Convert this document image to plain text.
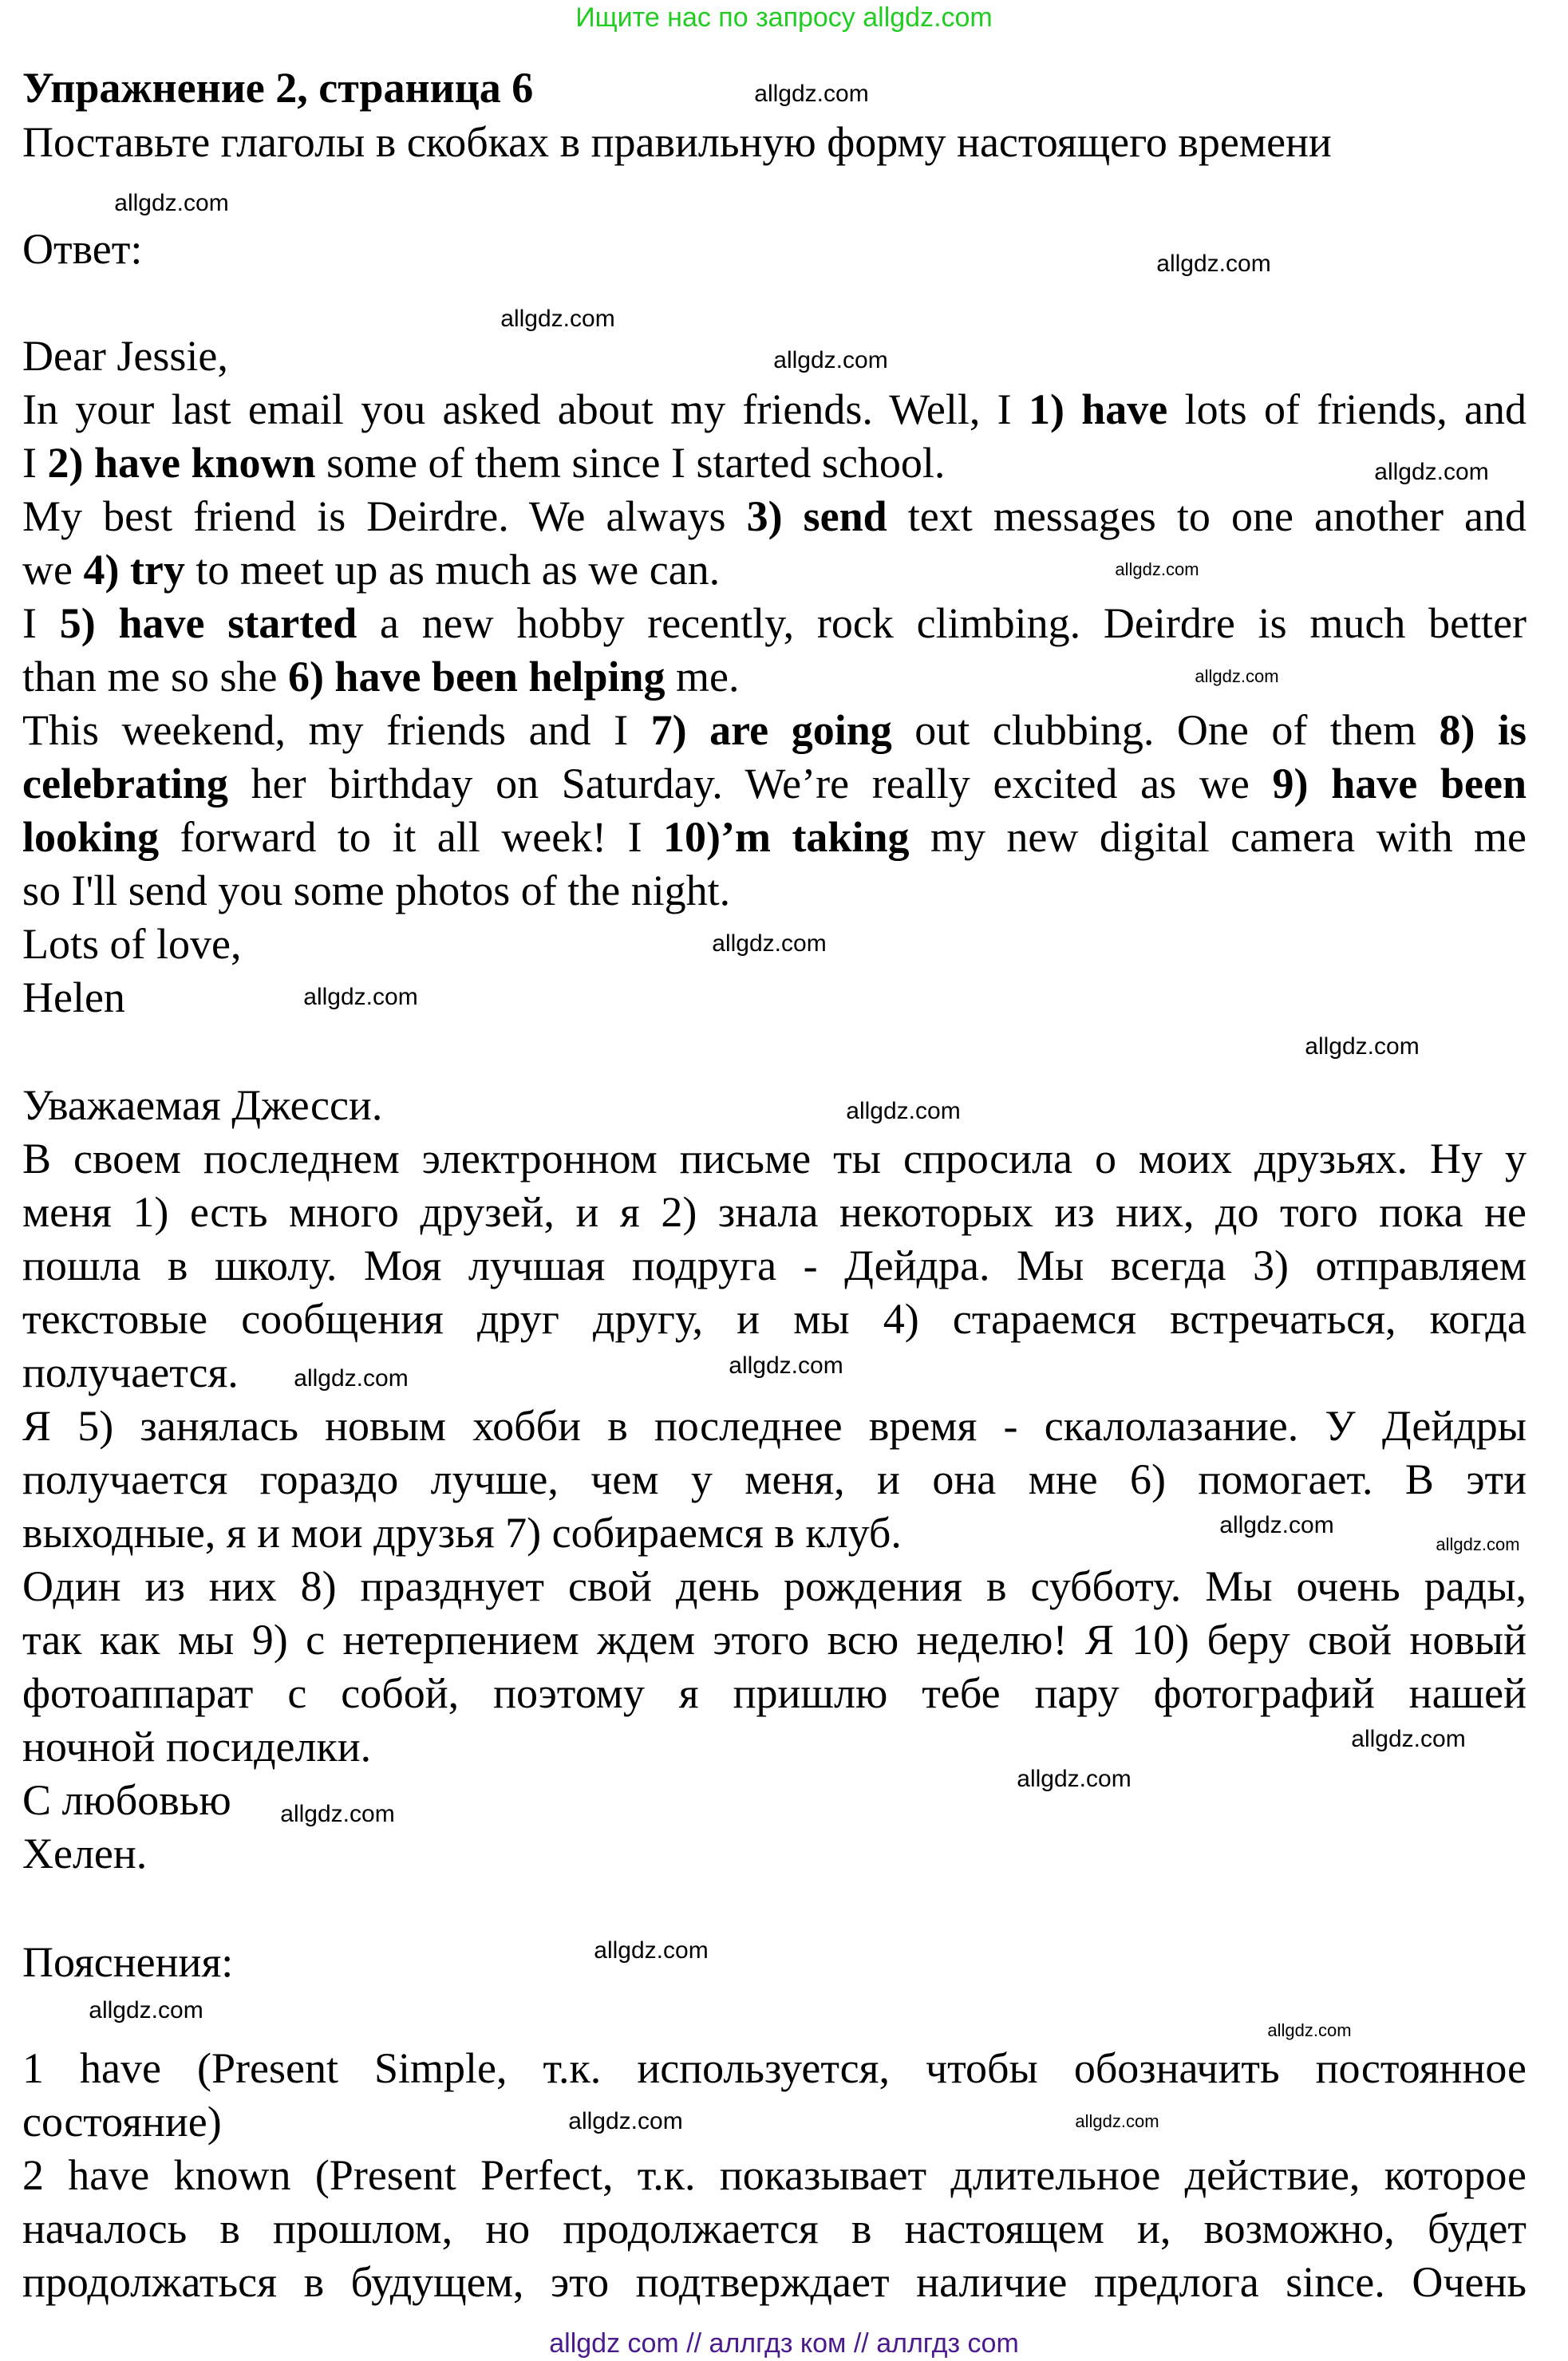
Ищите нас по запросу allgdz.com
Упражнение 2, страница 6
Поставьте глаголы в скобках в правильную форму настоящего времени
Ответ:
Dear Jessie,
In your last email you asked about my friends. Well, I 1) have lots of friends, and
I 2) have known some of them since I started school.
My best friend is Deirdre. We always 3) send text messages to one another and
we 4) try to meet up as much as we can.
I 5) have started a new hobby recently, rock climbing. Deirdre is much better
than me so she 6) have been helping me.
This weekend, my friends and I 7) are going out clubbing. One of them 8) is
celebrating her birthday on Saturday. We’re really excited as we 9) have been
looking forward to it all week! I 10)’m taking my new digital camera with me
so I'll send you some photos of the night.
Lots of love,
Helen
Уважаемая Джесси.
В своем последнем электронном письме ты спросила о моих друзьях. Ну у
меня 1) есть много друзей, и я 2) знала некоторых из них, до того пока не
пошла в школу. Моя лучшая подруга - Дейдра. Мы всегда 3) отправляем
текстовые сообщения друг другу, и мы 4) стараемся встречаться, когда
получается.
Я 5) занялась новым хобби в последнее время - скалолазание. У Дейдры
получается гораздо лучше, чем у меня, и она мне 6) помогает. В эти
выходные, я и мои друзья 7) собираемся в клуб.
Один из них 8) празднует свой день рождения в субботу. Мы очень рады,
так как мы 9) с нетерпением ждем этого всю неделю! Я 10) беру свой новый
фотоаппарат с собой, поэтому я пришлю тебе пару фотографий нашей
ночной посиделки.
С любовью
Хелен.
Пояснения:
1 have (Present Simple, т.к. используется, чтобы обозначить постоянное
состояние)
2 have known (Present Perfect, т.к. показывает длительное действие, которое
началось в прошлом, но продолжается в настоящем и, возможно, будет
продолжаться в будущем, это подтверждает наличие предлога since. Очень
allgdz.com
allgdz.com
allgdz.com
allgdz.com
allgdz.com
allgdz.com
allgdz.com
allgdz.com
allgdz.com
allgdz.com
allgdz.com
allgdz.com
allgdz.com
allgdz.com
allgdz.com
allgdz.com
allgdz.com
allgdz.com
allgdz.com
allgdz.com
allgdz.com
allgdz.com
allgdz.com	allgdz.com
allgdz com // аллгдз ком // аллгдз com
